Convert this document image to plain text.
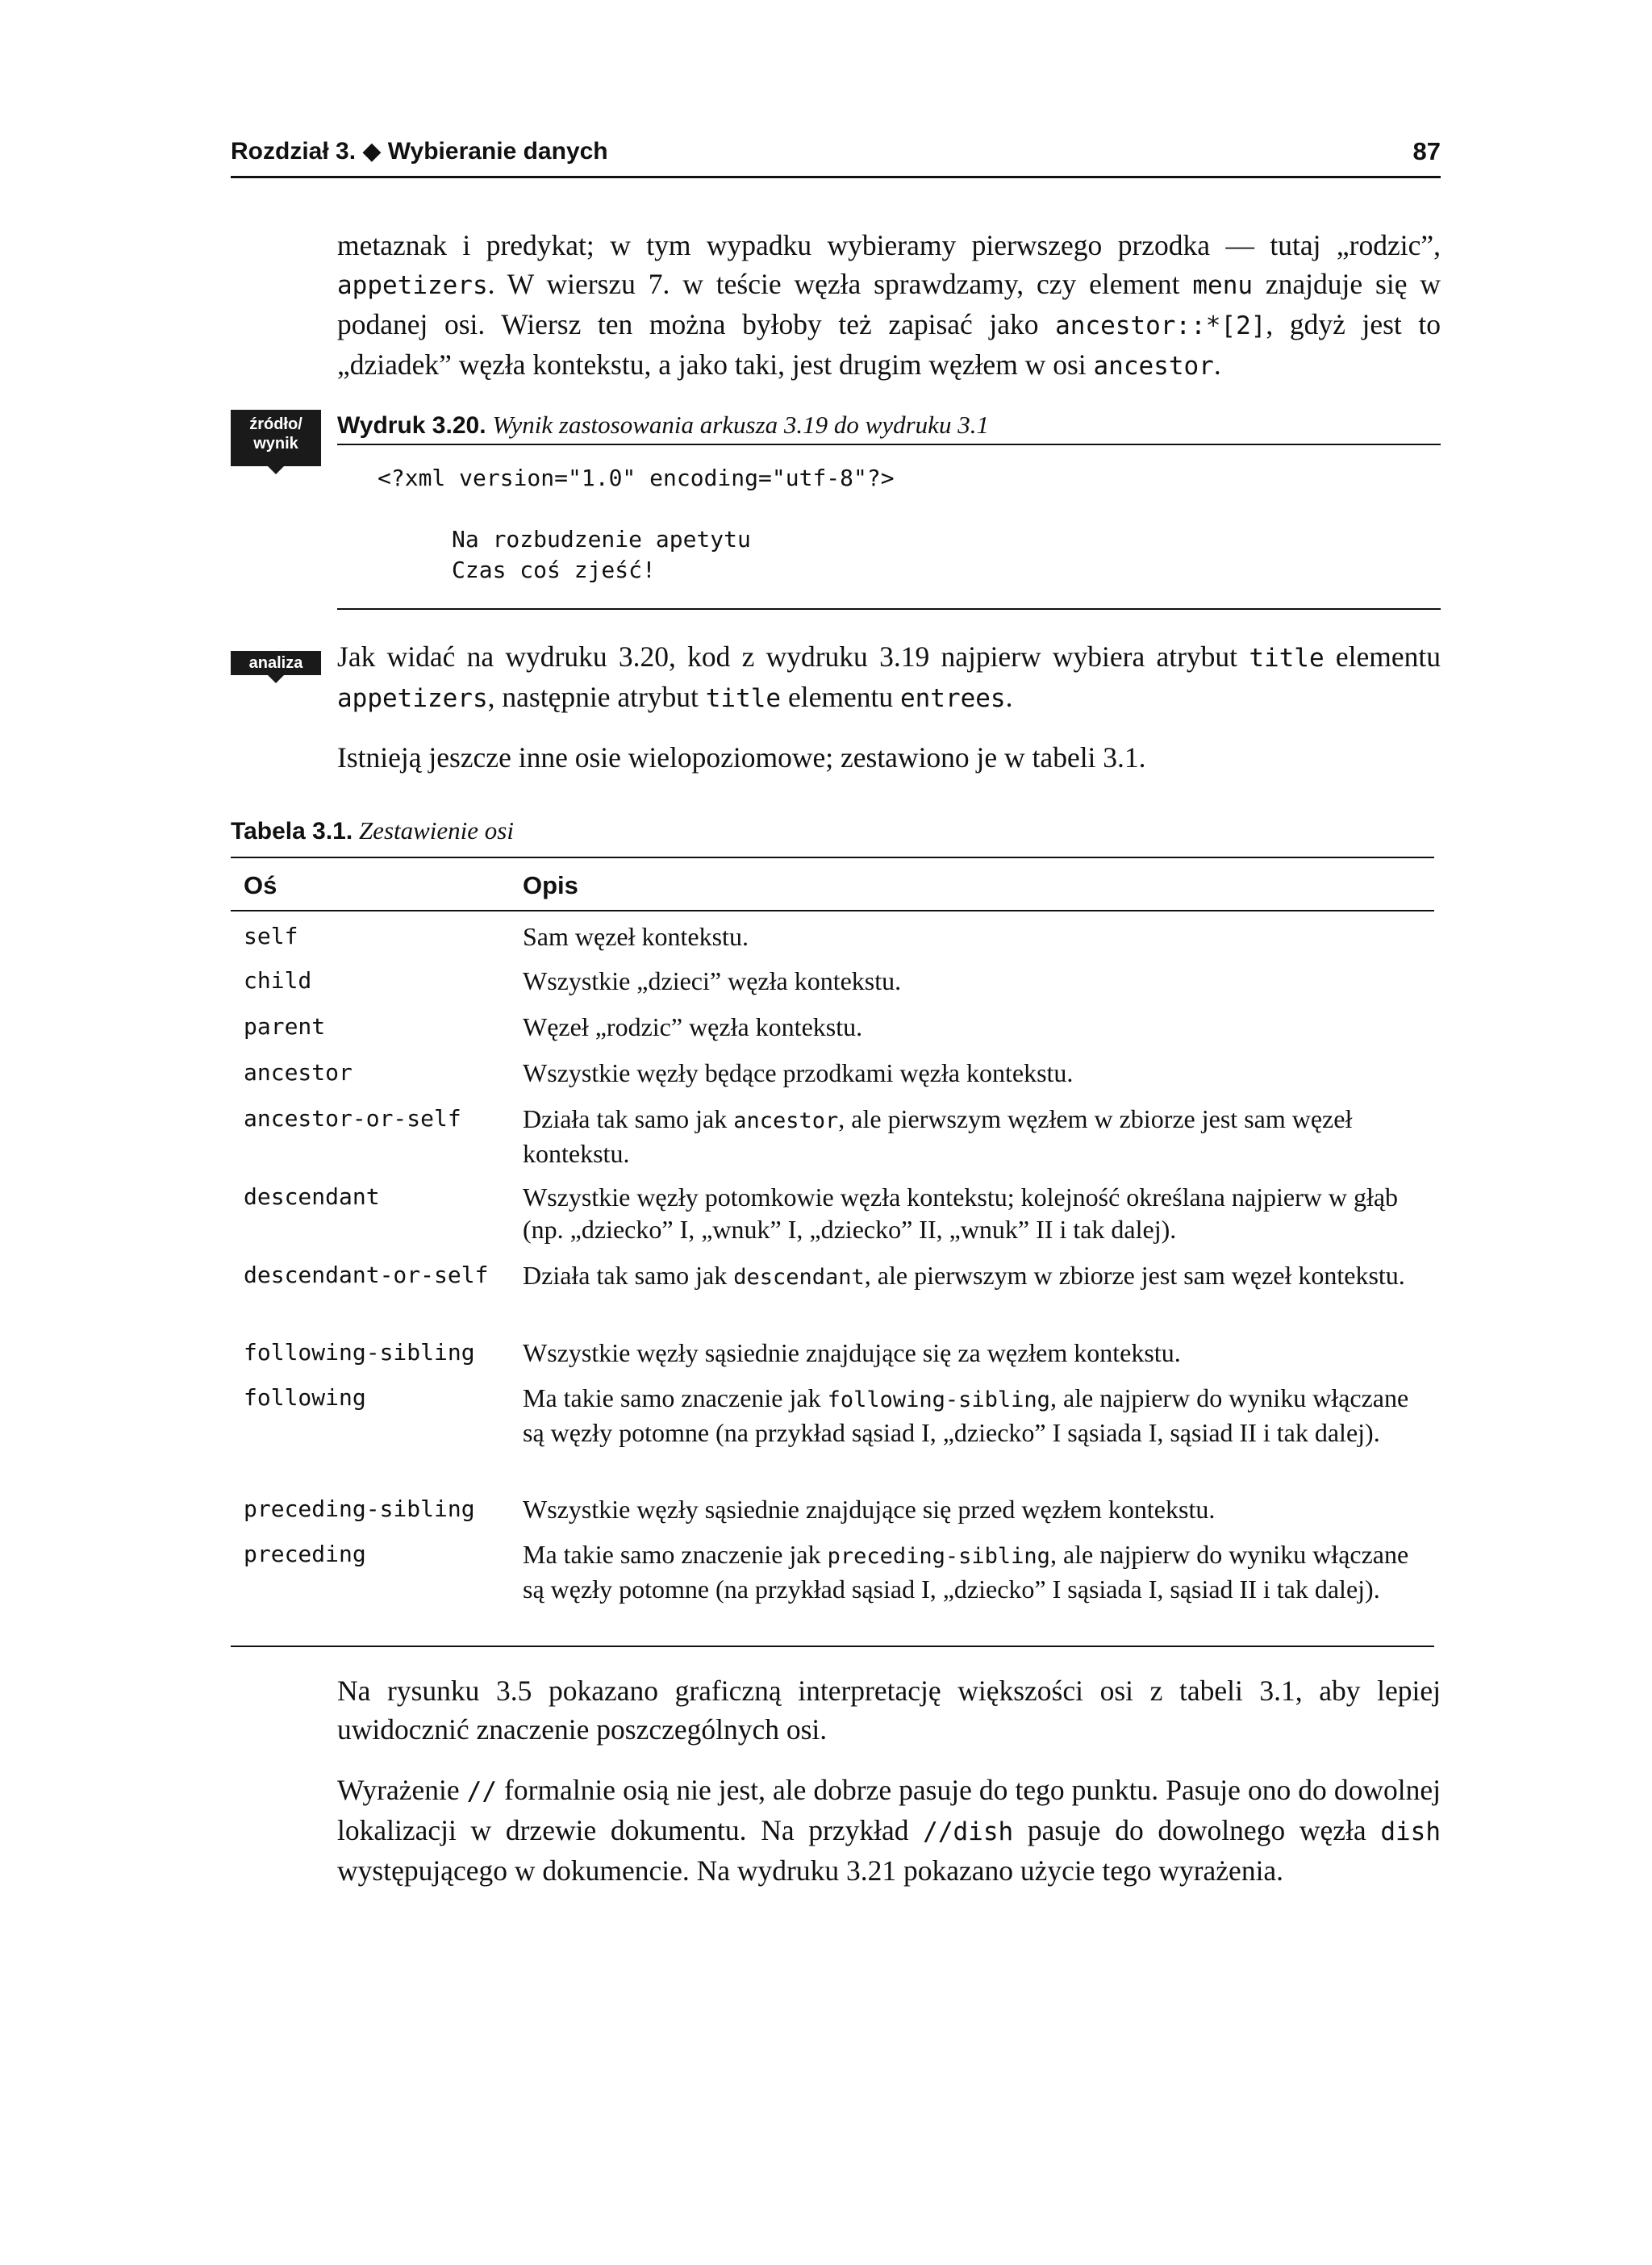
Rozdział 3. ◆ Wybieranie danych	87

metaznak i predykat; w tym wypadku wybieramy pierwszego przodka — tutaj „rodzic”, appetizers. W wierszu 7. w teście węzła sprawdzamy, czy element menu znajduje się w podanej osi. Wiersz ten można byłoby też zapisać jako ancestor::*[2], gdyż jest to „dziadek” węzła kontekstu, a jako taki, jest drugim węzłem w osi ancestor.

źródło/ wynik
Wydruk 3.20. Wynik zastosowania arkusza 3.19 do wydruku 3.1
<?xml version="1.0" encoding="utf-8"?>
Na rozbudzenie apetytu
Czas coś zjeść!
analiza	Jak widać na wydruku 3.20, kod z wydruku 3.19 najpierw wybiera atrybut title elementu appetizers, następnie atrybut title elementu entrees.

Istnieją jeszcze inne osie wielopoziomowe; zestawiono je w tabeli 3.1.

Tabela 3.1. Zestawienie osi
Oś	Opis
self	Sam węzeł kontekstu.
child	Wszystkie „dzieci” węzła kontekstu.
parent	Węzeł „rodzic” węzła kontekstu.
ancestor	Wszystkie węzły będące przodkami węzła kontekstu.
ancestor-or-self Działa tak samo jak ancestor, ale pierwszym węzłem w zbiorze jest sam węzeł kontekstu.
descendant	Wszystkie węzły potomkowie węzła kontekstu; kolejność określana najpierw w głąb (np. „dziecko” I, „wnuk” I, „dziecko” II, „wnuk” II i tak dalej).
descendant-or-self Działa tak samo jak descendant, ale pierwszym w zbiorze jest sam węzeł kontekstu.
following-sibling Wszystkie węzły sąsiednie znajdujące się za węzłem kontekstu.
following	Ma takie samo znaczenie jak following-sibling, ale najpierw do wyniku włączane są węzły potomne (na przykład sąsiad I, „dziecko” I sąsiada I, sąsiad II i tak dalej).
preceding-sibling Wszystkie węzły sąsiednie znajdujące się przed węzłem kontekstu.
preceding	Ma takie samo znaczenie jak preceding-sibling, ale najpierw do wyniku włączane są węzły potomne (na przykład sąsiad I, „dziecko” I sąsiada I, sąsiad II i tak dalej).

Na rysunku 3.5 pokazano graficzną interpretację większości osi z tabeli 3.1, aby lepiej uwidocznić znaczenie poszczególnych osi.

Wyrażenie // formalnie osią nie jest, ale dobrze pasuje do tego punktu. Pasuje ono do dowolnej lokalizacji w drzewie dokumentu. Na przykład //dish pasuje do dowolnego węzła dish występującego w dokumencie. Na wydruku 3.21 pokazano użycie tego wyrażenia.
